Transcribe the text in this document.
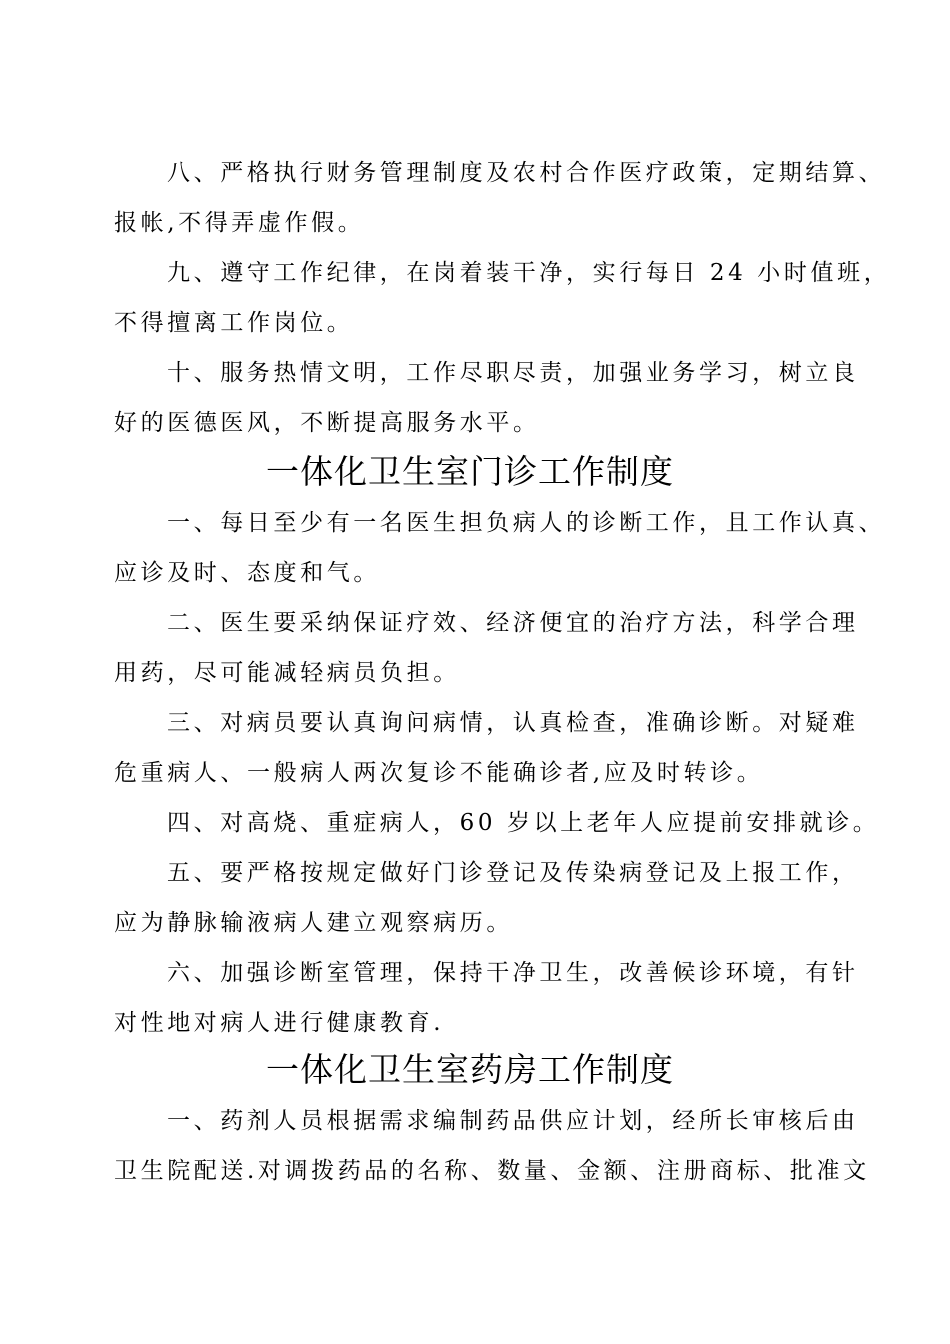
八、严格执行财务管理制度及农村合作医疗政策，定期结算、
报帐,不得弄虚作假。
九、遵守工作纪律，在岗着装干净，实行每日 24 小时值班，
不得擅离工作岗位。
十、服务热情文明，工作尽职尽责，加强业务学习，树立良
好的医德医风，不断提高服务水平。
一体化卫生室门诊工作制度
一、每日至少有一名医生担负病人的诊断工作，且工作认真、
应诊及时、态度和气。
二、医生要采纳保证疗效、经济便宜的治疗方法，科学合理
用药，尽可能减轻病员负担。
三、对病员要认真询问病情，认真检查，准确诊断。对疑难
危重病人、一般病人两次复诊不能确诊者,应及时转诊。
四、对高烧、重症病人，60 岁以上老年人应提前安排就诊。
五、要严格按规定做好门诊登记及传染病登记及上报工作，
应为静脉输液病人建立观察病历。
六、加强诊断室管理，保持干净卫生，改善候诊环境，有针
对性地对病人进行健康教育.
一体化卫生室药房工作制度
一、药剂人员根据需求编制药品供应计划，经所长审核后由
卫生院配送.对调拨药品的名称、数量、金额、注册商标、批准文
